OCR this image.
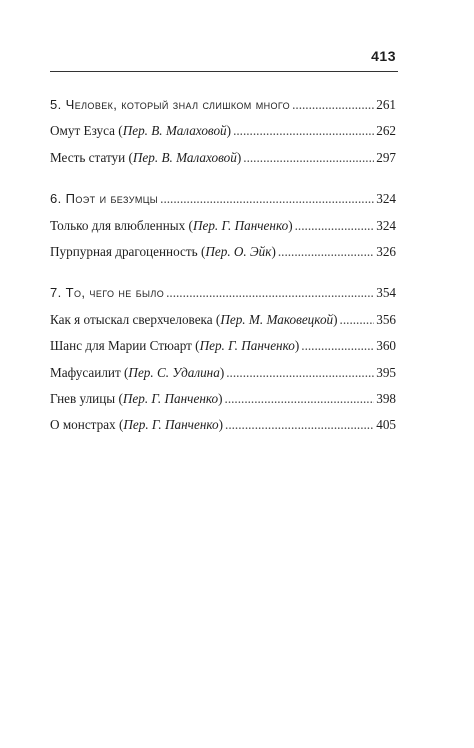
413
5. Человек, который знал слишком много .....	261
Омут Езуса (Пер. В. Малаховой) .....	262
Месть статуи (Пер. В. Малаховой) .....	297
6. Поэт и безумцы .....	324
Только для влюбленных (Пер. Г. Панченко) .....	324
Пурпурная драгоценность (Пер. О. Эйк) .....	326
7. То, чего не было .....	354
Как я отыскал сверхчеловека (Пер. М. Маковецкой) .....	356
Шанс для Марии Стюарт (Пер. Г. Панченко) .....	360
Мафусаилит (Пер. С. Удалина) .....	395
Гнев улицы (Пер. Г. Панченко) .....	398
О монстрах (Пер. Г. Панченко) .....	405
